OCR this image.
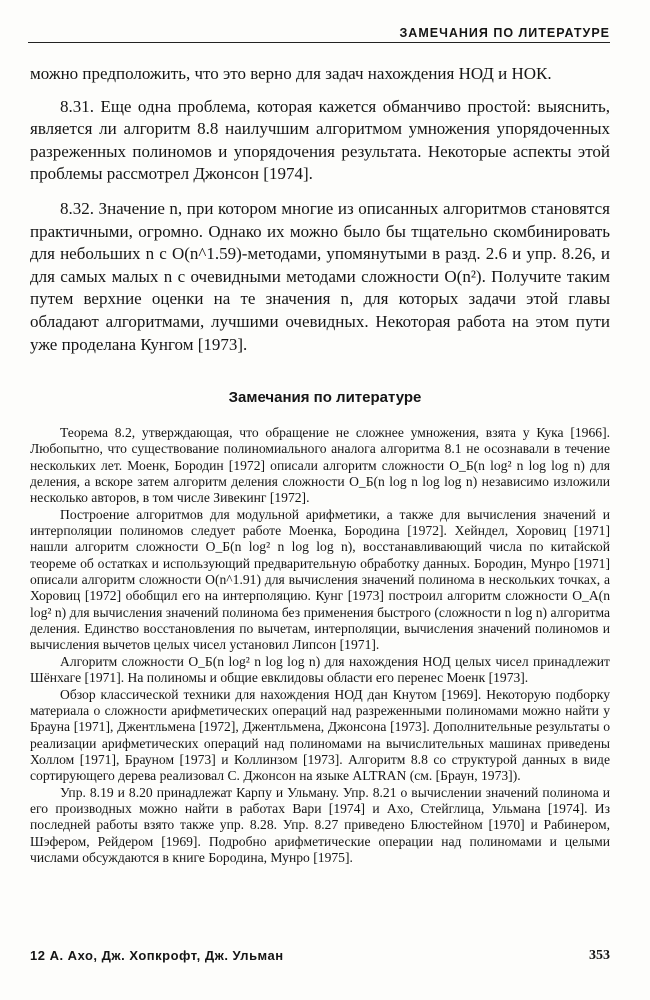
ЗАМЕЧАНИЯ ПО ЛИТЕРАТУРЕ

можно предположить, что это верно для задач нахождения НОД и НОК.

8.31. Еще одна проблема, которая кажется обманчиво простой: выяснить, является ли алгоритм 8.8 наилучшим алгоритмом умножения упорядоченных разреженных полиномов и упорядочения результата. Некоторые аспекты этой проблемы рассмотрел Джонсон [1974].

8.32. Значение n, при котором многие из описанных алгоритмов становятся практичными, огромно. Однако их можно было бы тщательно скомбинировать для небольших n с O(n^1.59)-методами, упомянутыми в разд. 2.6 и упр. 8.26, и для самых малых n с очевидными методами сложности O(n²). Получите таким путем верхние оценки на те значения n, для которых задачи этой главы обладают алгоритмами, лучшими очевидных. Некоторая работа на этом пути уже проделана Кунгом [1973].

Замечания по литературе

Теорема 8.2, утверждающая, что обращение не сложнее умножения, взята у Кука [1966]. Любопытно, что существование полиномиального аналога алгоритма 8.1 не осознавали в течение нескольких лет. Моенк, Бородин [1972] описали алгоритм сложности O_Б(n log² n log log n) для деления, а вскоре затем алгоритм деления сложности O_Б(n log n log log n) независимо изложили несколько авторов, в том числе Зивекинг [1972].

Построение алгоритмов для модульной арифметики, а также для вычисления значений и интерполяции полиномов следует работе Моенка, Бородина [1972]. Хейндел, Хоровиц [1971] нашли алгоритм сложности O_Б(n log² n log log n), восстанавливающий числа по китайской теореме об остатках и использующий предварительную обработку данных. Бородин, Мунро [1971] описали алгоритм сложности O(n^1.91) для вычисления значений полинома в нескольких точках, а Хоровиц [1972] обобщил его на интерполяцию. Кунг [1973] построил алгоритм сложности O_A(n log² n) для вычисления значений полинома без применения быстрого (сложности n log n) алгоритма деления. Единство восстановления по вычетам, интерполяции, вычисления значений полиномов и вычисления вычетов целых чисел установил Липсон [1971].

Алгоритм сложности O_Б(n log² n log log n) для нахождения НОД целых чисел принадлежит Шёнхаге [1971]. На полиномы и общие евклидовы области его перенес Моенк [1973].

Обзор классической техники для нахождения НОД дан Кнутом [1969]. Некоторую подборку материала о сложности арифметических операций над разреженными полиномами можно найти у Брауна [1971], Джентльмена [1972], Джентльмена, Джонсона [1973]. Дополнительные результаты о реализации арифметических операций над полиномами на вычислительных машинах приведены Холлом [1971], Брауном [1973] и Коллинзом [1973]. Алгоритм 8.8 со структурой данных в виде сортирующего дерева реализовал С. Джонсон на языке ALTRAN (см. [Браун, 1973]).

Упр. 8.19 и 8.20 принадлежат Карпу и Ульману. Упр. 8.21 о вычислении значений полинома и его производных можно найти в работах Вари [1974] и Ахо, Стейглица, Ульмана [1974]. Из последней работы взято также упр. 8.28. Упр. 8.27 приведено Блюстейном [1970] и Рабинером, Шэфером, Рейдером [1969]. Подробно арифметические операции над полиномами и целыми числами обсуждаются в книге Бородина, Мунро [1975].

12 А. Ахо, Дж. Хопкрофт, Дж. Ульман	353
